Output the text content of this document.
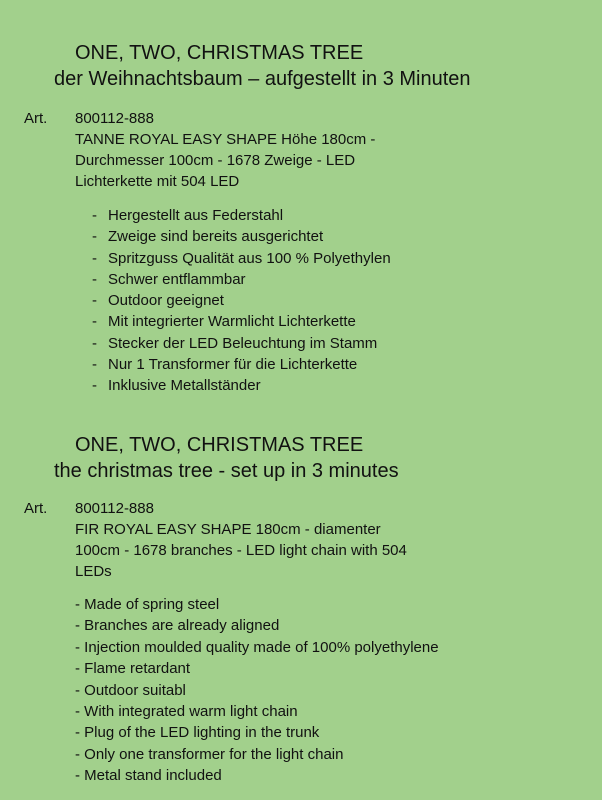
ONE, TWO, CHRISTMAS TREE
der Weihnachtsbaum – aufgestellt in 3 Minuten
Art. 800112-888
TANNE ROYAL EASY SHAPE Höhe 180cm -
Durchmesser 100cm - 1678 Zweige - LED
Lichterkette mit 504 LED
- Hergestellt aus Federstahl
- Zweige sind bereits ausgerichtet
- Spritzguss Qualität aus 100 % Polyethylen
- Schwer entflammbar
- Outdoor geeignet
- Mit integrierter Warmlicht Lichterkette
- Stecker der LED Beleuchtung im Stamm
- Nur 1 Transformer für die Lichterkette
- Inklusive Metallständer
ONE, TWO, CHRISTMAS TREE
the christmas tree - set up in 3 minutes
Art. 800112-888
FIR ROYAL EASY SHAPE 180cm - diamenter
100cm - 1678 branches - LED light chain with 504
LEDs
- Made of spring steel
- Branches are already aligned
- Injection moulded quality made of 100% polyethylene
- Flame retardant
- Outdoor suitabl
- With integrated warm light chain
- Plug of the LED lighting in the trunk
- Only one transformer for the light chain
- Metal stand included
